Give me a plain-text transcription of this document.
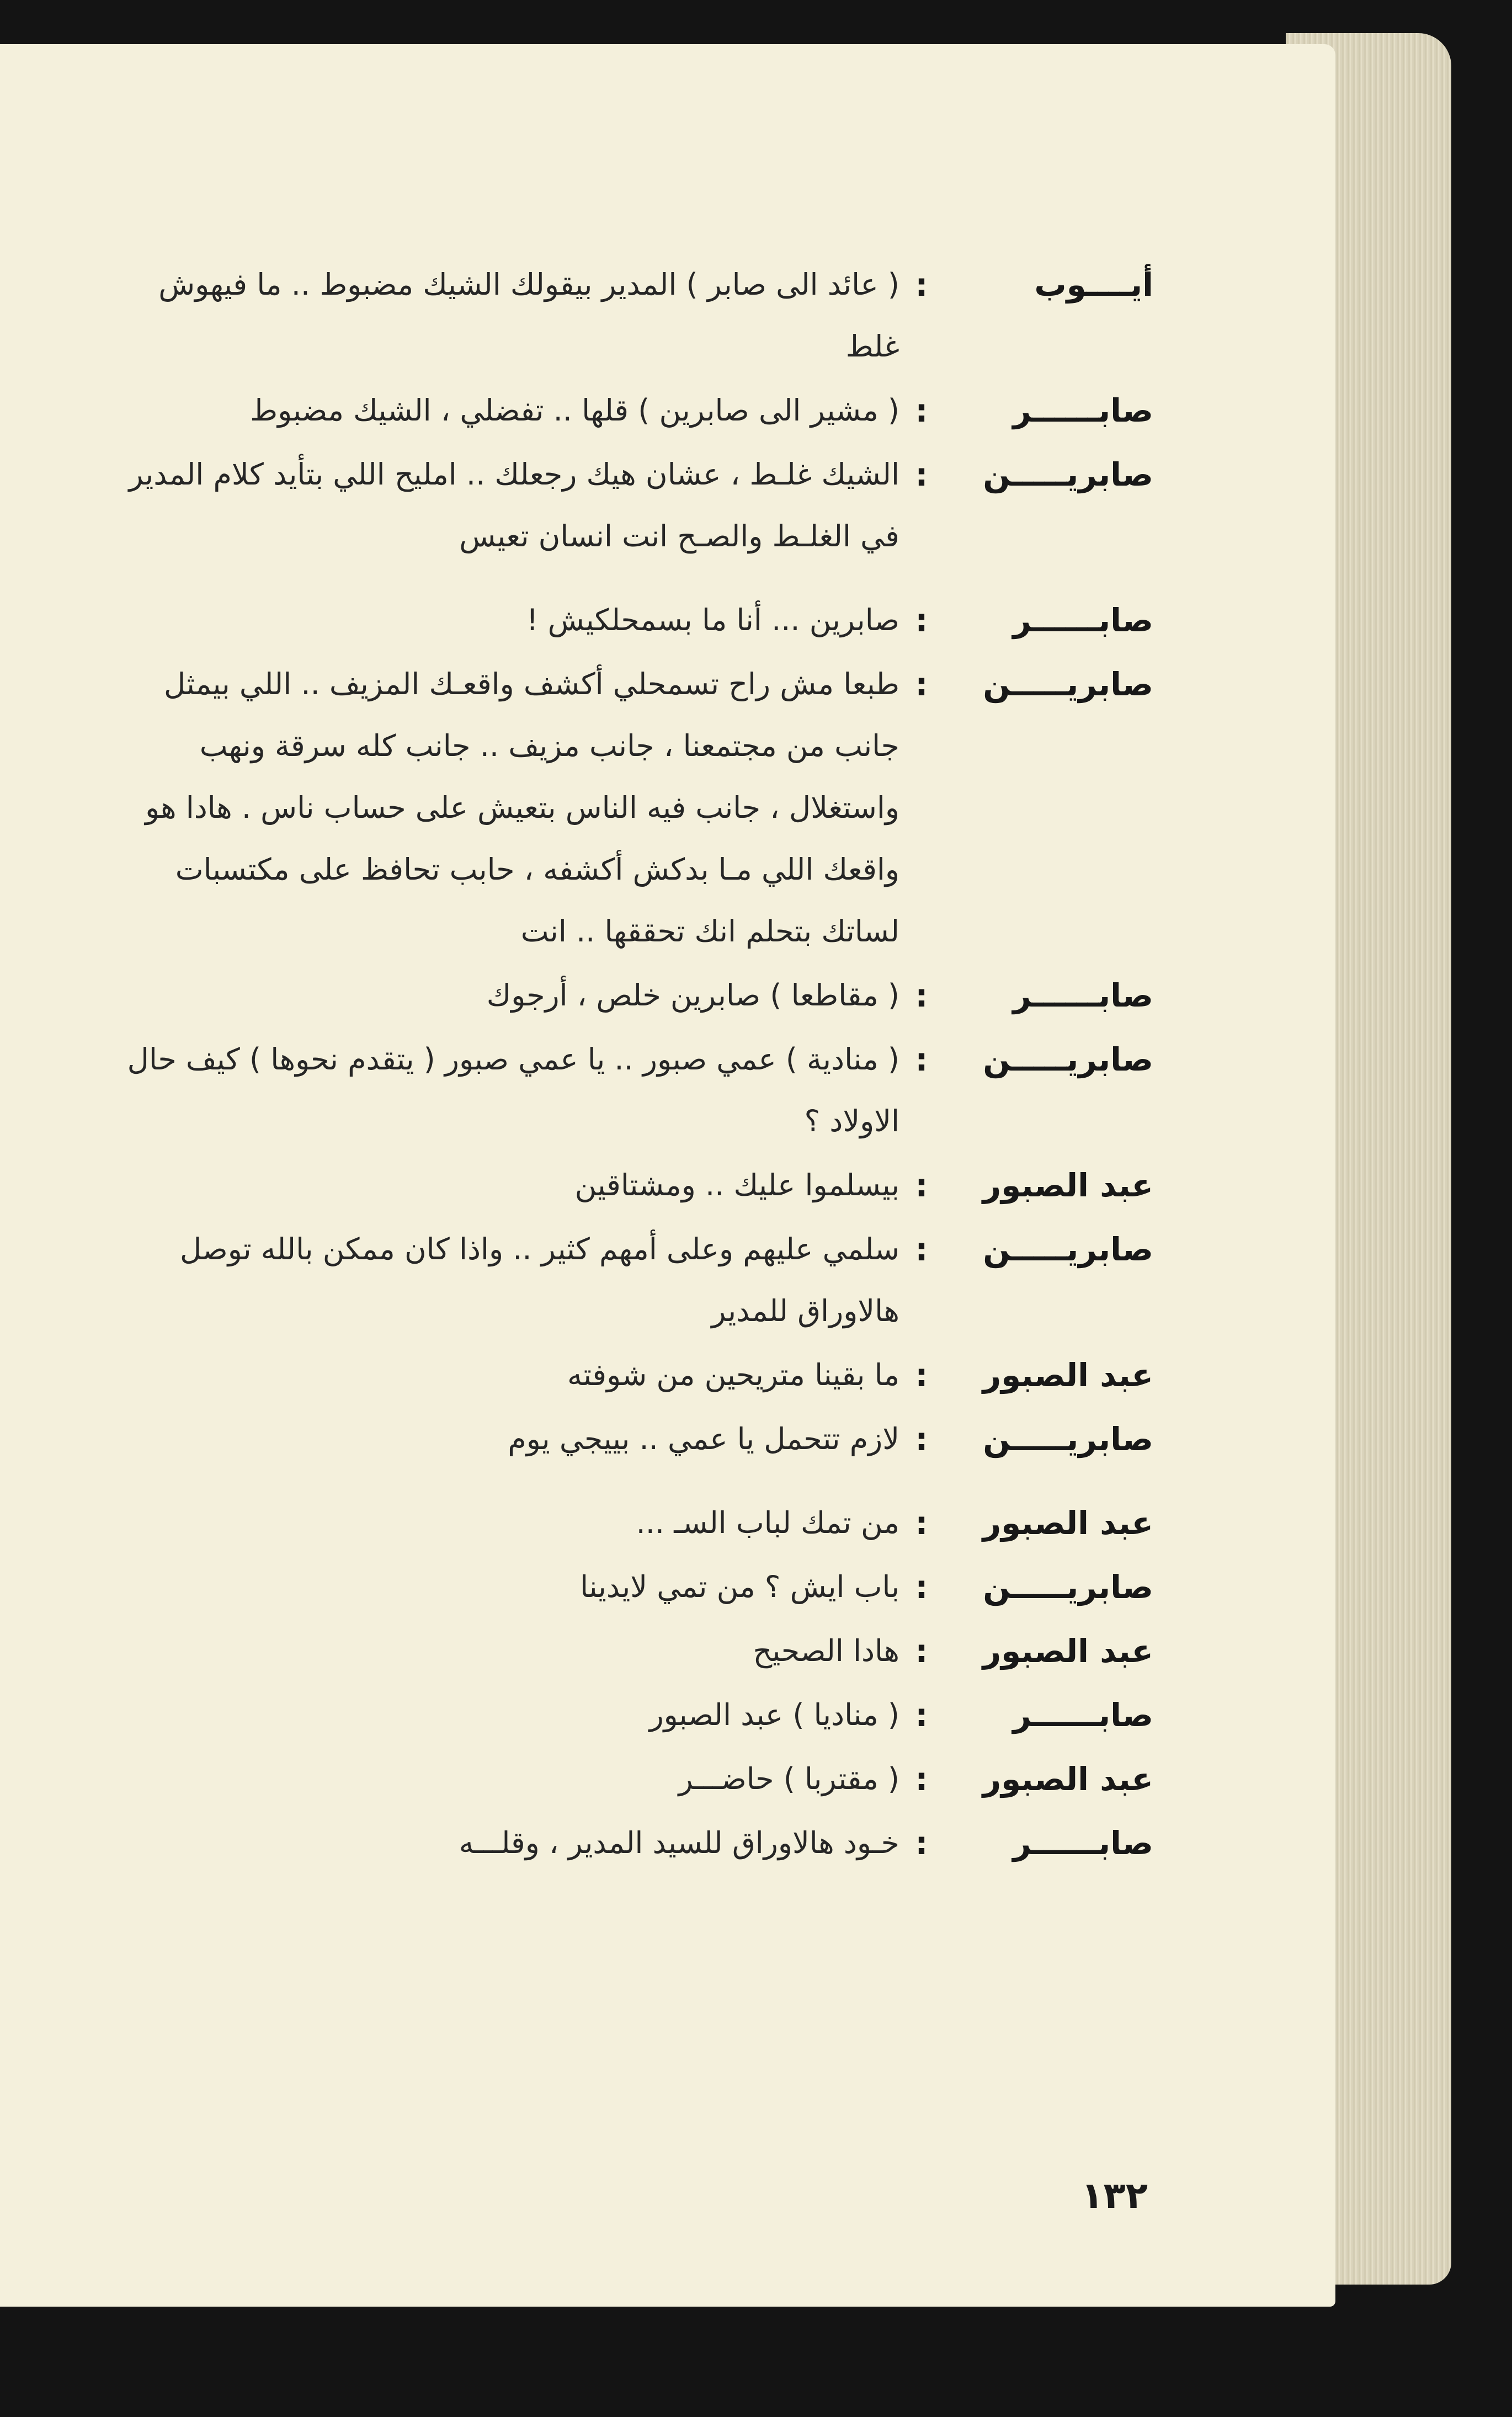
أيــــوب
:
( عائد الى صابر ) المدير بيقولك الشيك مضبوط .. ما فيهوش غلط
صابــــــر
:
( مشير الى صابرين ) قلها .. تفضلي ، الشيك مضبوط
صابريـــــن
:
الشيك غلـط ، عشان هيك رجعلك .. امليح اللي بتأيد كلام المدير في الغلـط والصـح انت انسان تعيس
صابــــــر
:
صابرين ... أنا ما بسمحلكيش !
صابريـــــن
:
طبعا مش راح تسمحلي أكشف واقعـك المزيف .. اللي بيمثل جانب من مجتمعنا ، جانب مزيف .. جانب كله سرقة ونهب واستغلال ، جانب فيه الناس بتعيش على حساب ناس . هادا هو واقعك اللي مـا بدكش أكشفه ، حابب تحافظ على مكتسبات لساتك بتحلم انك تحققها .. انت
صابــــــر
:
( مقاطعا ) صابرين خلص ، أرجوك
صابريـــــن
:
( منادية ) عمي صبور .. يا عمي صبور ( يتقدم نحوها ) كيف حال الاولاد ؟
عبد الصبور
:
بيسلموا عليك .. ومشتاقين
صابريـــــن
:
سلمي عليهم وعلى أمهم كثير .. واذا كان ممكن بالله توصل هالاوراق للمدير
عبد الصبور
:
ما بقينا متريحين من شوفته
صابريـــــن
:
لازم تتحمل يا عمي .. بييجي يوم
عبد الصبور
:
من تمك لباب السـ ...
صابريـــــن
:
باب ايش ؟ من تمي لايدينا
عبد الصبور
:
هادا الصحيح
صابــــــر
:
( مناديا ) عبد الصبور
عبد الصبور
:
( مقتربا ) حاضـــر
صابــــــر
:
خـود هالاوراق للسيد المدير ، وقلـــه
١٣٢
